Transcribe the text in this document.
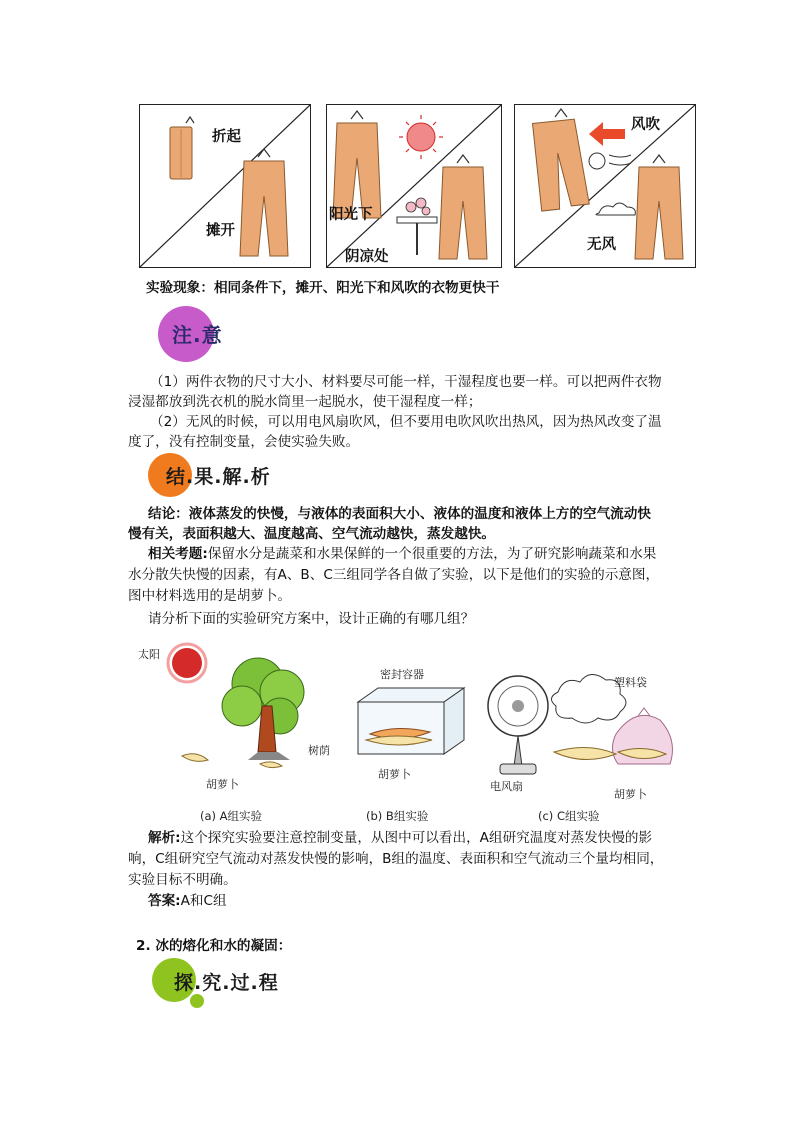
折起
摊开
阳光下
阴凉处
风吹
无风
实验现象：相同条件下，摊开、阳光下和风吹的衣物更快干
注.意
（1）两件衣物的尺寸大小、材料要尽可能一样，干湿程度也要一样。可以把两件衣物
浸湿都放到洗衣机的脱水筒里一起脱水，使干湿程度一样；
（2）无风的时候，可以用电风扇吹风，但不要用电吹风吹出热风，因为热风改变了温
度了，没有控制变量，会使实验失败。
结.果.解.析
结论：液体蒸发的快慢，与液体的表面积大小、液体的温度和液体上方的空气流动快
慢有关，表面积越大、温度越高、空气流动越快，蒸发越快。
相关考题:保留水分是蔬菜和水果保鲜的一个很重要的方法，为了研究影响蔬菜和水果
水分散失快慢的因素，有A、B、C三组同学各自做了实验，以下是他们的实验的示意图，
图中材料选用的是胡萝卜。
请分析下面的实验研究方案中，设计正确的有哪几组？
太阳
树荫
胡萝卜
密封容器
胡萝卜
塑料袋
电风扇
胡萝卜
(a) A组实验	(b) B组实验	(c) C组实验
解析:这个探究实验要注意控制变量，从图中可以看出，A组研究温度对蒸发快慢的影
响，C组研究空气流动对蒸发快慢的影响，B组的温度、表面积和空气流动三个量均相同，
实验目标不明确。
答案:A和C组
2. 冰的熔化和水的凝固：
探.究.过.程
